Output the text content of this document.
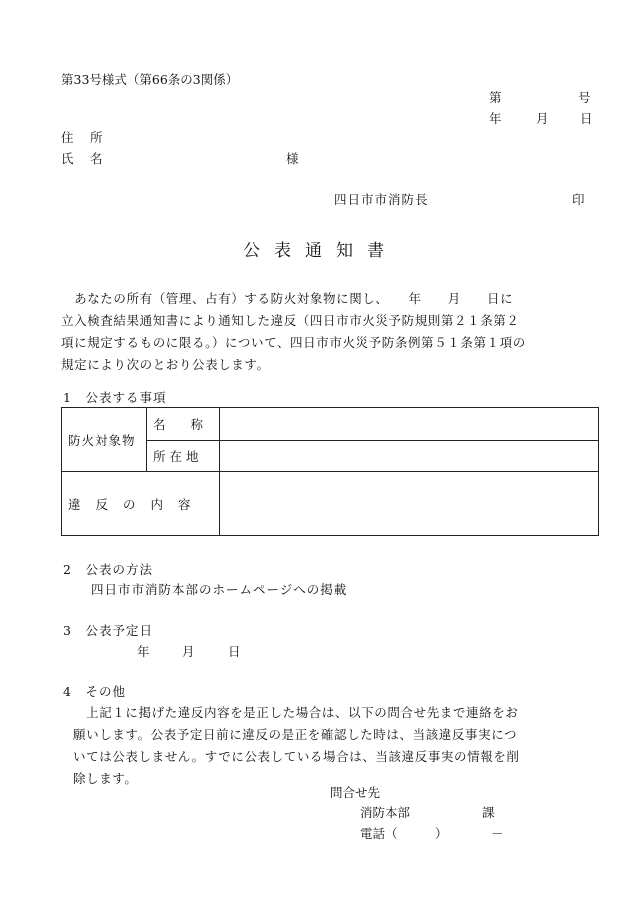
第33号様式（第66条の3関係）
第	号
年	月	日
住　所
氏　名	様
四日市市消防長	印
公表通知書
　あなたの所有（管理、占有）する防火対象物に関し、　　年　　月　　日に
立入検査結果通知書により通知した違反（四日市市火災予防規則第２１条第２
項に規定するものに限る。）について、四日市市火災予防条例第５１条第１項の
規定により次のとおり公表します。
1　公表する事項
防火対象物	名　　称	
	所在地	
違反の内容		
2　公表の方法
四日市市消防本部のホームページへの掲載
3　公表予定日
年	月	日
4　その他
　上記１に掲げた違反内容を是正した場合は、以下の問合せ先まで連絡をお
願いします。公表予定日前に違反の是正を確認した時は、当該違反事実につ
いては公表しません。すでに公表している場合は、当該違反事実の情報を削
除します。
問合せ先
消防本部	課
電話（　　　）　　　　－
